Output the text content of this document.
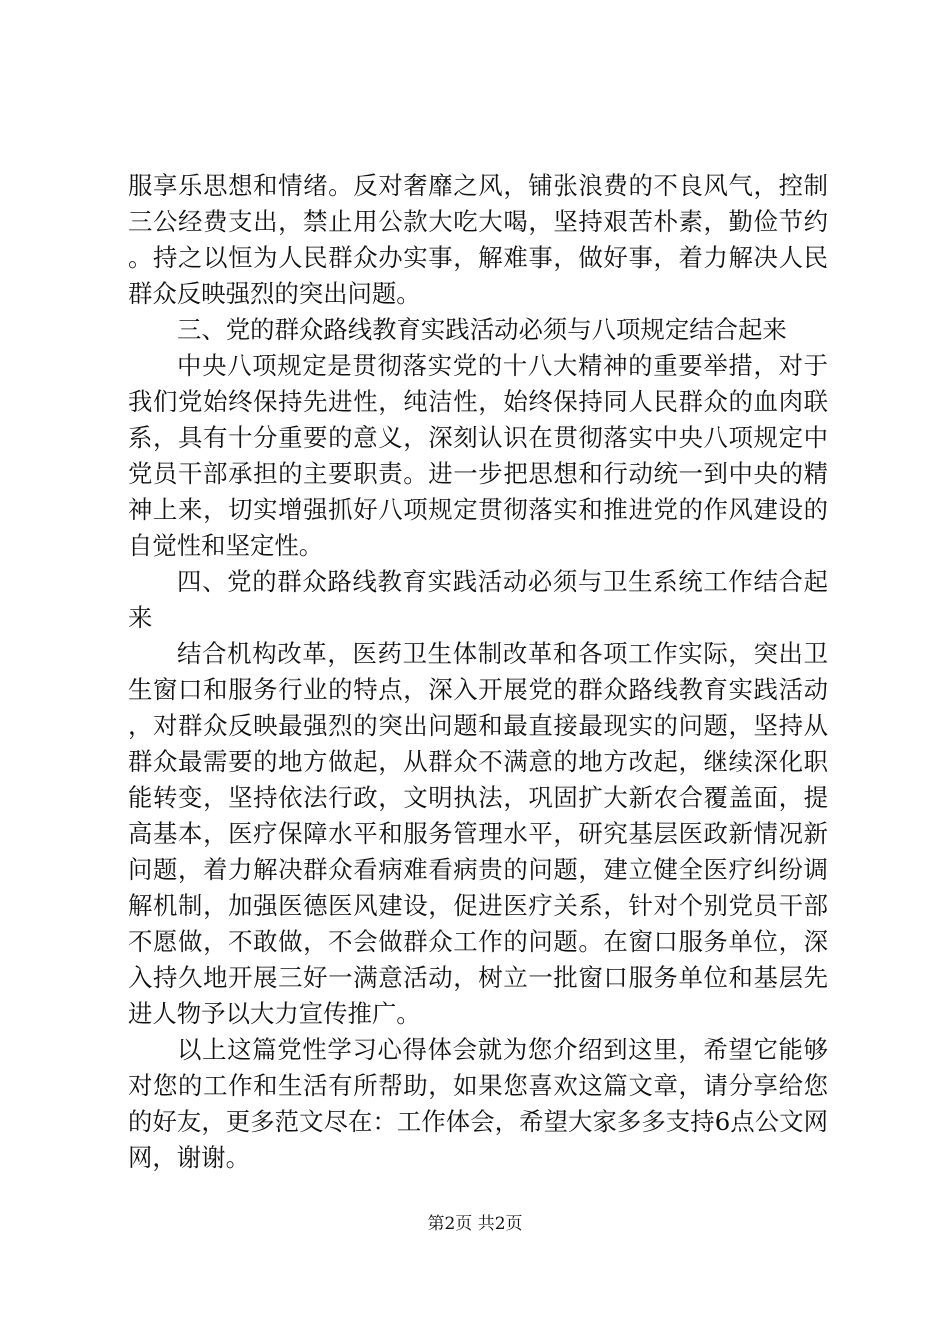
服享乐思想和情绪。反对奢靡之风，铺张浪费的不良风气，控制三公经费支出，禁止用公款大吃大喝，坚持艰苦朴素，勤俭节约。持之以恒为人民群众办实事，解难事，做好事，着力解决人民群众反映强烈的突出问题。

三、党的群众路线教育实践活动必须与八项规定结合起来

中央八项规定是贯彻落实党的十八大精神的重要举措，对于我们党始终保持先进性，纯洁性，始终保持同人民群众的血肉联系，具有十分重要的意义，深刻认识在贯彻落实中央八项规定中党员干部承担的主要职责。进一步把思想和行动统一到中央的精神上来，切实增强抓好八项规定贯彻落实和推进党的作风建设的自觉性和坚定性。

四、党的群众路线教育实践活动必须与卫生系统工作结合起来

结合机构改革，医药卫生体制改革和各项工作实际，突出卫生窗口和服务行业的特点，深入开展党的群众路线教育实践活动，对群众反映最强烈的突出问题和最直接最现实的问题，坚持从群众最需要的地方做起，从群众不满意的地方改起，继续深化职能转变，坚持依法行政，文明执法，巩固扩大新农合覆盖面，提高基本，医疗保障水平和服务管理水平，研究基层医政新情况新问题，着力解决群众看病难看病贵的问题，建立健全医疗纠纷调解机制，加强医德医风建设，促进医疗关系，针对个别党员干部不愿做，不敢做，不会做群众工作的问题。在窗口服务单位，深入持久地开展三好一满意活动，树立一批窗口服务单位和基层先进人物予以大力宣传推广。

以上这篇党性学习心得体会就为您介绍到这里，希望它能够对您的工作和生活有所帮助，如果您喜欢这篇文章，请分享给您的好友，更多范文尽在：工作体会，希望大家多多支持6点公文网网，谢谢。

第2页 共2页
